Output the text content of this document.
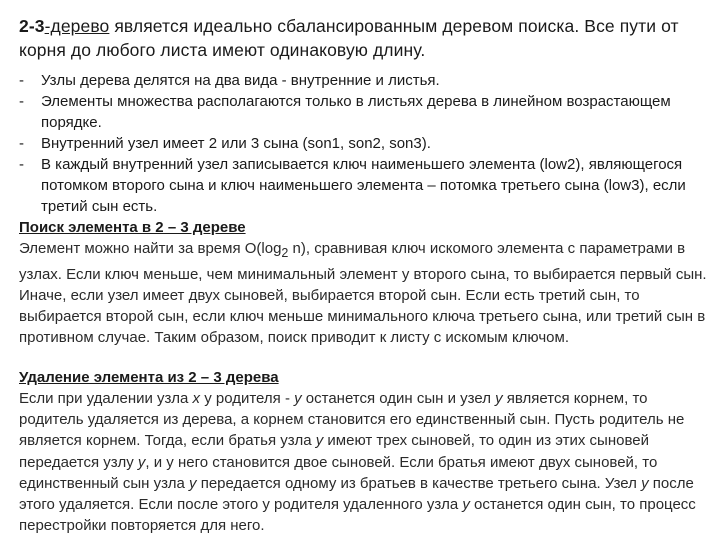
2-3-дерево является идеально сбалансированным деревом поиска. Все пути от корня до любого листа имеют одинаковую длину.
- Узлы дерева делятся на два вида - внутренние и листья.
- Элементы множества располагаются только в листьях дерева в линейном возрастающем порядке.
- Внутренний узел имеет 2 или 3 сына (son1, son2, son3).
- В каждый внутренний узел записывается ключ наименьшего элемента (low2), являющегося потомком второго сына и ключ наименьшего элемента – потомка третьего сына (low3), если третий сын есть.
Поиск элемента в 2 – 3 дереве

Элемент можно найти за время $O(\log_2$ n), сравнивая ключ искомого элемента с параметрами в узлах. Если ключ меньше, чем минимальный элемент у второго сына, то выбирается первый сын. Иначе, если узел имеет двух сыновей, выбирается второй сын. Если есть третий сын, то выбирается второй сын, если ключ меньше минимального ключа третьего сына, или третий сын в противном случае. Таким образом, поиск приводит к листу с искомым ключом.

Удаление элемента из 2 – 3 дерева

Если при удалении узла x у родителя - y останется один сын и узел y является корнем, то родитель удаляется из дерева, а корнем становится его единственный сын. Пусть родитель не является корнем. Тогда, если братья узла y имеют трех сыновей, то один из этих сыновей передается узлу y, и у него становится двое сыновей. Если братья имеют двух сыновей, то единственный сын узла y передается одному из братьев в качестве третьего сына. Узел y после этого удаляется. Если после этого у родителя удаленного узла y останется один сын, то процесс перестройки повторяется для него.
